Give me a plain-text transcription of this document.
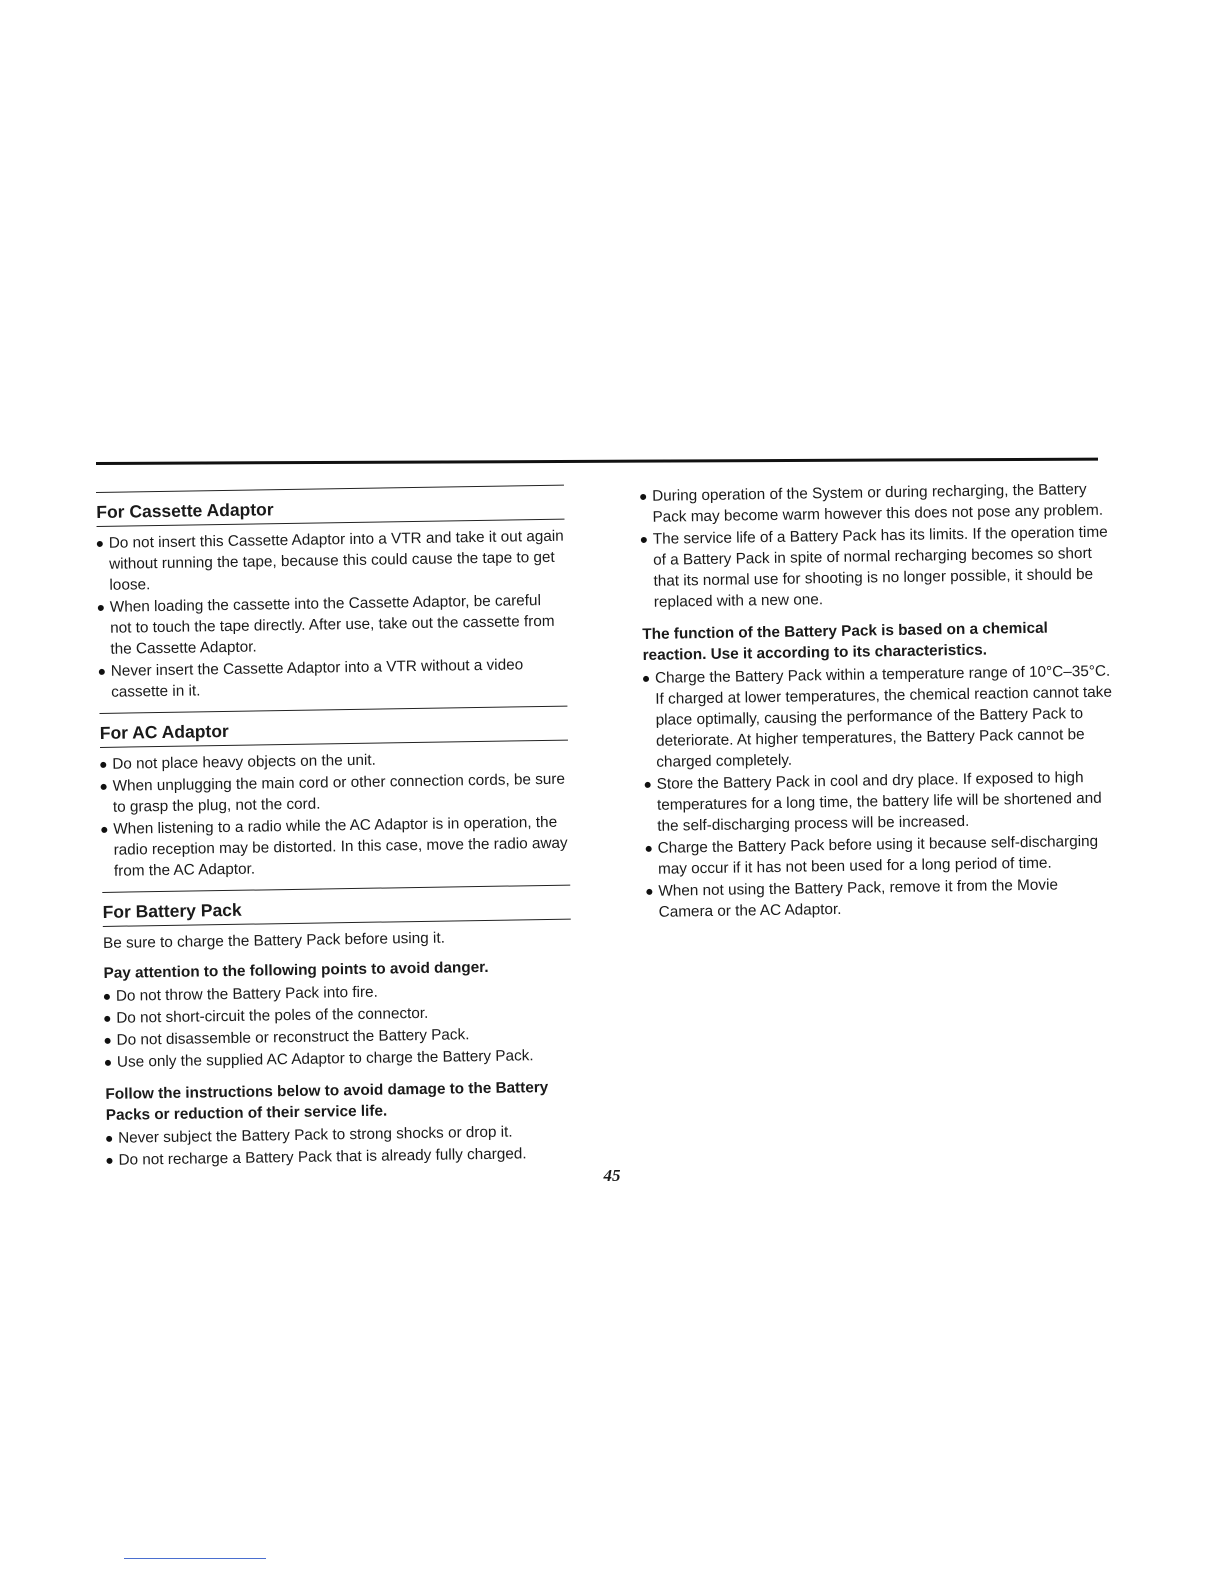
For Cassette Adaptor
Do not insert this Cassette Adaptor into a VTR and take it out again without running the tape, because this could cause the tape to get loose.
When loading the cassette into the Cassette Adaptor, be careful not to touch the tape directly. After use, take out the cassette from the Cassette Adaptor.
Never insert the Cassette Adaptor into a VTR without a video cassette in it.
For AC Adaptor
Do not place heavy objects on the unit.
When unplugging the main cord or other connection cords, be sure to grasp the plug, not the cord.
When listening to a radio while the AC Adaptor is in operation, the radio reception may be distorted. In this case, move the radio away from the AC Adaptor.
For Battery Pack

Be sure to charge the Battery Pack before using it.

Pay attention to the following points to avoid danger.

Do not throw the Battery Pack into fire.
Do not short-circuit the poles of the connector.
Do not disassemble or reconstruct the Battery Pack.
Use only the supplied AC Adaptor to charge the Battery Pack.

Follow the instructions below to avoid damage to the Battery Packs or reduction of their service life.

Never subject the Battery Pack to strong shocks or drop it.
Do not recharge a Battery Pack that is already fully charged.
During operation of the System or during recharging, the Battery Pack may become warm however this does not pose any problem.
The service life of a Battery Pack has its limits. If the operation time of a Battery Pack in spite of normal recharging becomes so short that its normal use for shooting is no longer possible, it should be replaced with a new one.

The function of the Battery Pack is based on a chemical reaction. Use it according to its characteristics.

Charge the Battery Pack within a temperature range of 10°C–35°C. If charged at lower temperatures, the chemical reaction cannot take place optimally, causing the performance of the Battery Pack to deteriorate. At higher temperatures, the Battery Pack cannot be charged completely.
Store the Battery Pack in cool and dry place. If exposed to high temperatures for a long time, the battery life will be shortened and the self-discharging process will be increased.
Charge the Battery Pack before using it because self-discharging may occur if it has not been used for a long period of time.
When not using the Battery Pack, remove it from the Movie Camera or the AC Adaptor.
45
